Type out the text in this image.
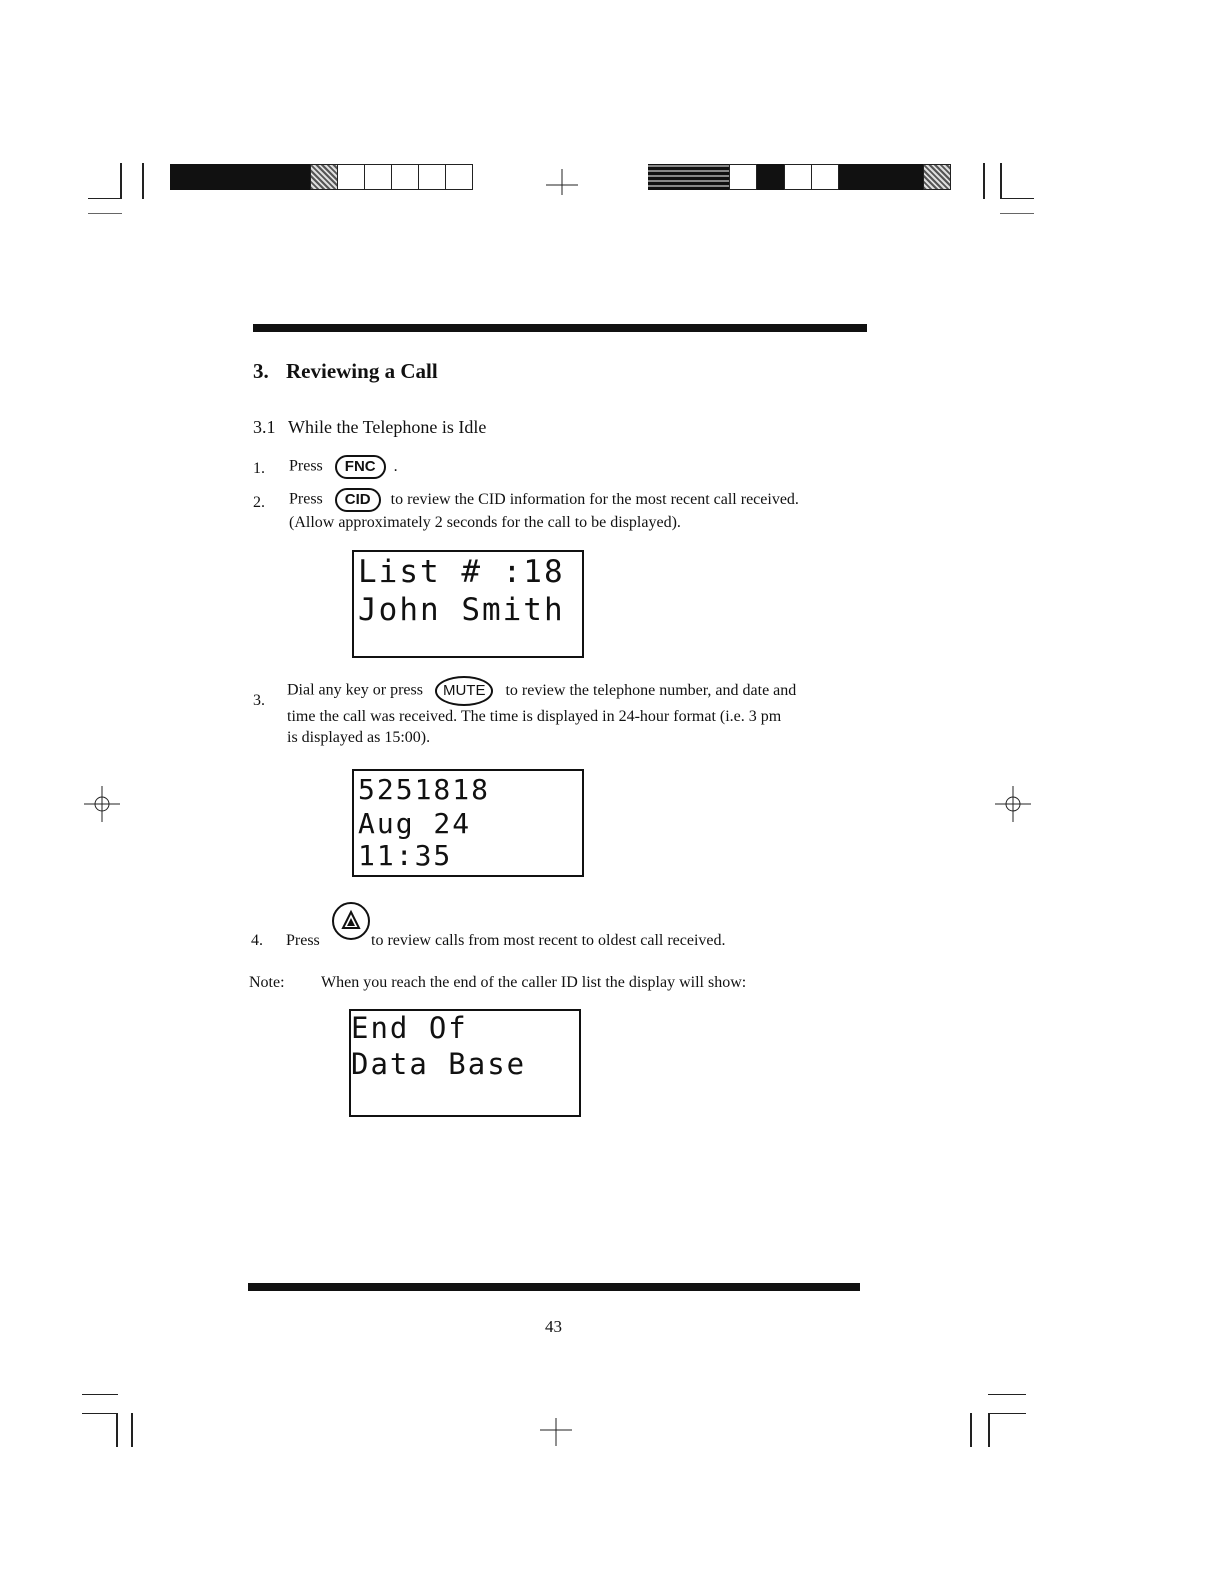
3. Reviewing a Call
3.1 While the Telephone is Idle
1. Press FNC .
2. Press CID to review the CID information for the most recent call received.
(Allow approximately 2 seconds for the call to be displayed).
List # :18
John Smith
3.
Dial any key or press MUTE to review the telephone number, and date and
time the call was received. The time is displayed in 24-hour format (i.e. 3 pm
is displayed as 15:00).
5251818
Aug 24
11:35
4. Press	to review calls from most recent to oldest call received.
Note: When you reach the end of the caller ID list the display will show:
End Of
Data Base
43
